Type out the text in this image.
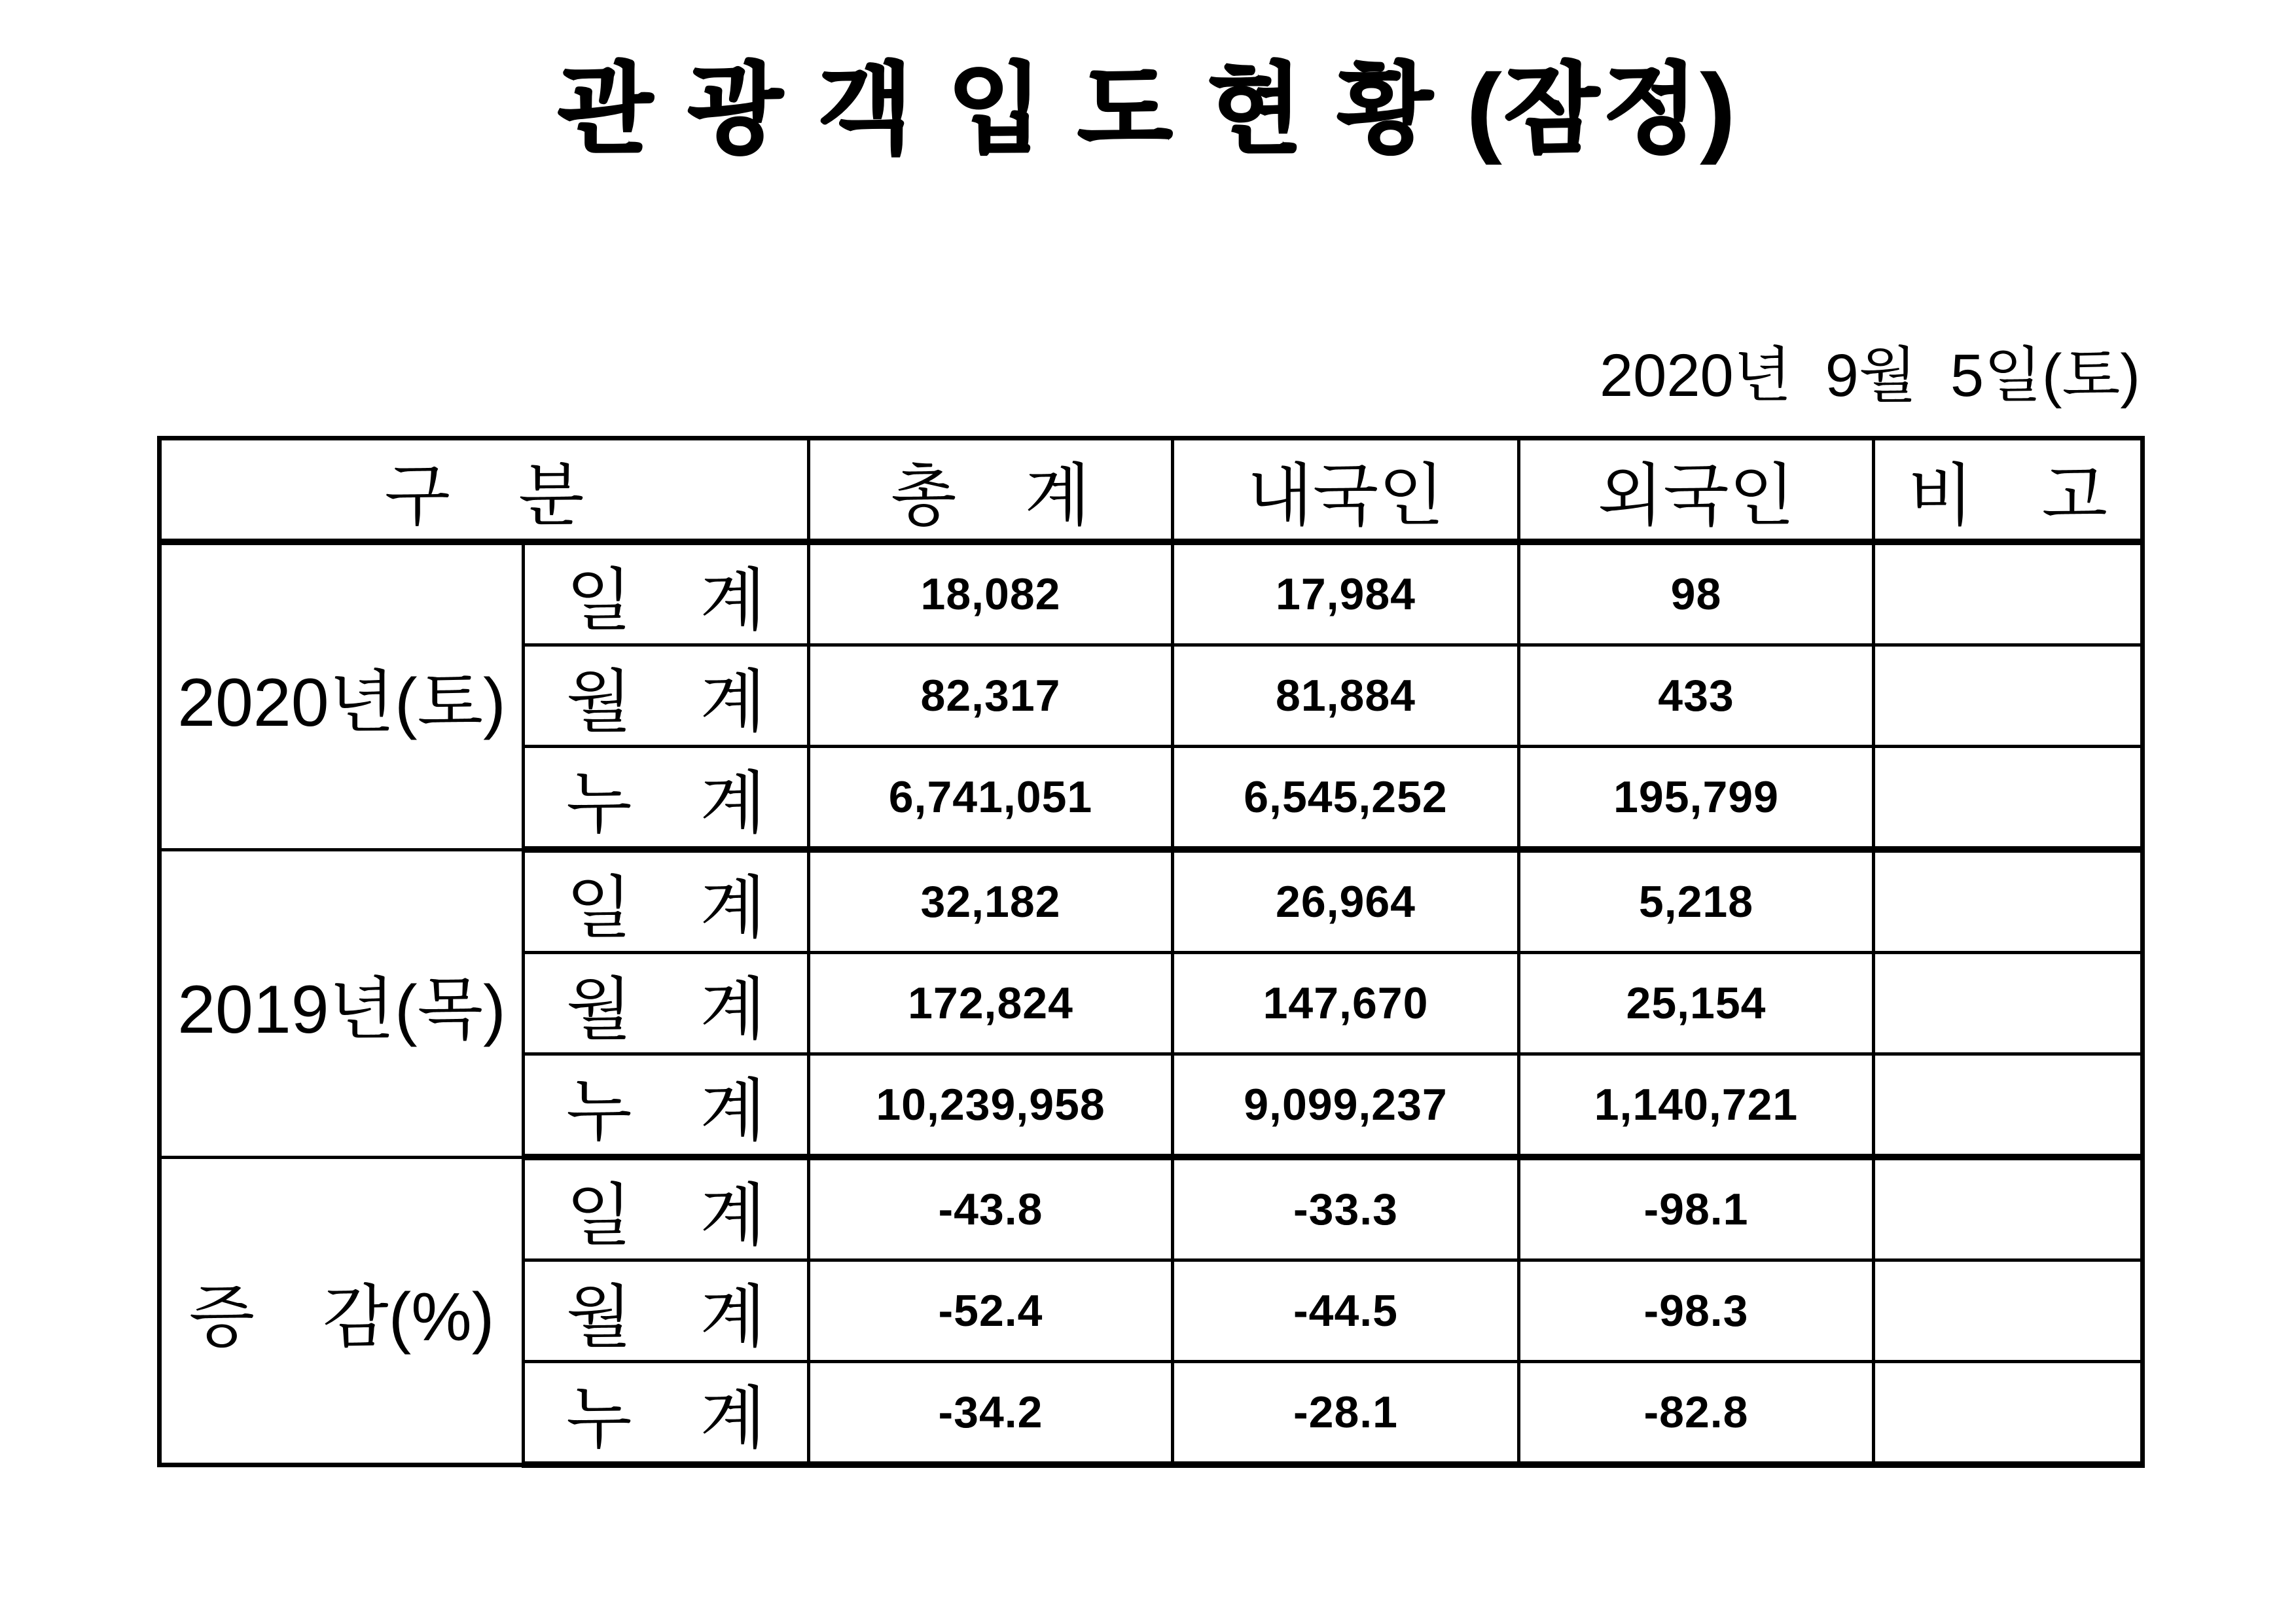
관 광 객 입 도 현 황 (잠정)
2020년  9월  5일(토)
구　분		총　계	내국인	외국인	비　고
2020년(토)	일　계	18,082	17,984	98	
	월　계	82,317	81,884	433	
	누　계	6,741,051	6,545,252	195,799	
2019년(목)	일　계	32,182	26,964	5,218	
	월　계	172,824	147,670	25,154	
	누　계	10,239,958	9,099,237	1,140,721	
증　감(%)	일　계	-43.8	-33.3	-98.1	
	월　계	-52.4	-44.5	-98.3	
	누　계	-34.2	-28.1	-82.8	
